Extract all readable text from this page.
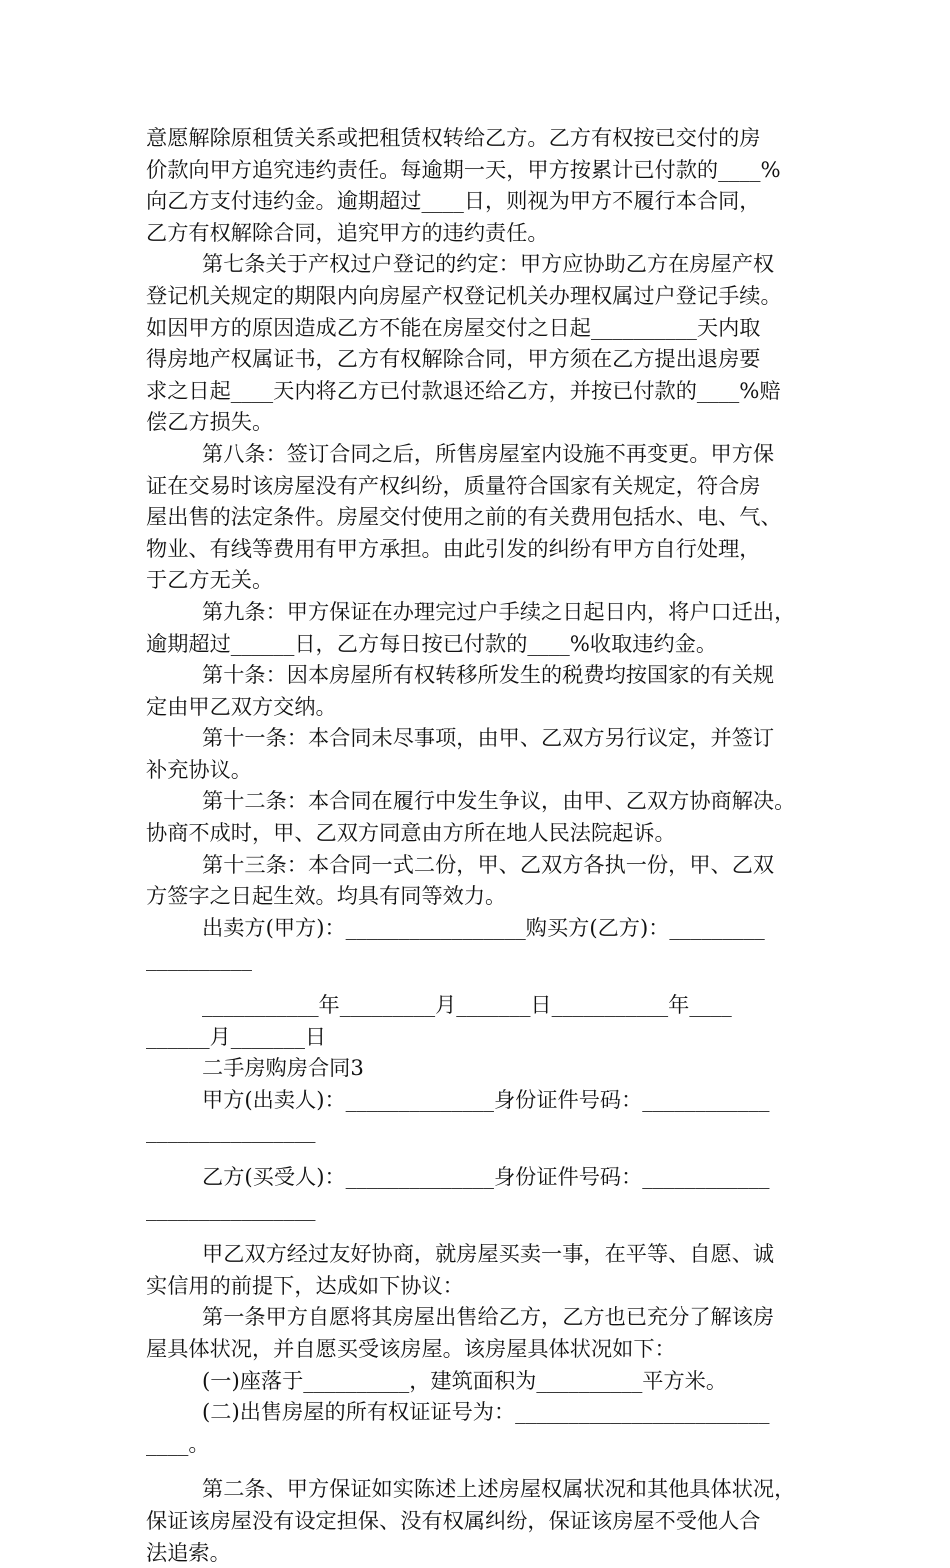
意愿解除原租赁关系或把租赁权转给乙方。乙方有权按已交付的房
价款向甲方追究违约责任。每逾期一天，甲方按累计已付款的____%
向乙方支付违约金。逾期超过____日，则视为甲方不履行本合同，
乙方有权解除合同，追究甲方的违约责任。
第七条关于产权过户登记的约定：甲方应协助乙方在房屋产权
登记机关规定的期限内向房屋产权登记机关办理权属过户登记手续。
如因甲方的原因造成乙方不能在房屋交付之日起__________天内取
得房地产权属证书，乙方有权解除合同，甲方须在乙方提出退房要
求之日起____天内将乙方已付款退还给乙方，并按已付款的____%赔
偿乙方损失。
第八条：签订合同之后，所售房屋室内设施不再变更。甲方保
证在交易时该房屋没有产权纠纷，质量符合国家有关规定，符合房
屋出售的法定条件。房屋交付使用之前的有关费用包括水、电、气、
物业、有线等费用有甲方承担。由此引发的纠纷有甲方自行处理，
于乙方无关。
第九条：甲方保证在办理完过户手续之日起日内，将户口迁出，
逾期超过______日，乙方每日按已付款的____%收取违约金。
第十条：因本房屋所有权转移所发生的税费均按国家的有关规
定由甲乙双方交纳。
第十一条：本合同未尽事项，由甲、乙双方另行议定，并签订
补充协议。
第十二条：本合同在履行中发生争议，由甲、乙双方协商解决。
协商不成时，甲、乙双方同意由方所在地人民法院起诉。
第十三条：本合同一式二份，甲、乙双方各执一份，甲、乙双
方签字之日起生效。均具有同等效力。
出卖方(甲方)：_________________购买方(乙方)：_________
__________
___________年_________月_______日___________年____
______月_______日
二手房购房合同3
甲方(出卖人)：______________身份证件号码：____________
________________
乙方(买受人)：______________身份证件号码：____________
________________
甲乙双方经过友好协商，就房屋买卖一事，在平等、自愿、诚
实信用的前提下，达成如下协议：
第一条甲方自愿将其房屋出售给乙方，乙方也已充分了解该房
屋具体状况，并自愿买受该房屋。该房屋具体状况如下：
(一)座落于__________，建筑面积为__________平方米。
(二)出售房屋的所有权证证号为：________________________
____。
第二条、甲方保证如实陈述上述房屋权属状况和其他具体状况，
保证该房屋没有设定担保、没有权属纠纷，保证该房屋不受他人合
法追索。
